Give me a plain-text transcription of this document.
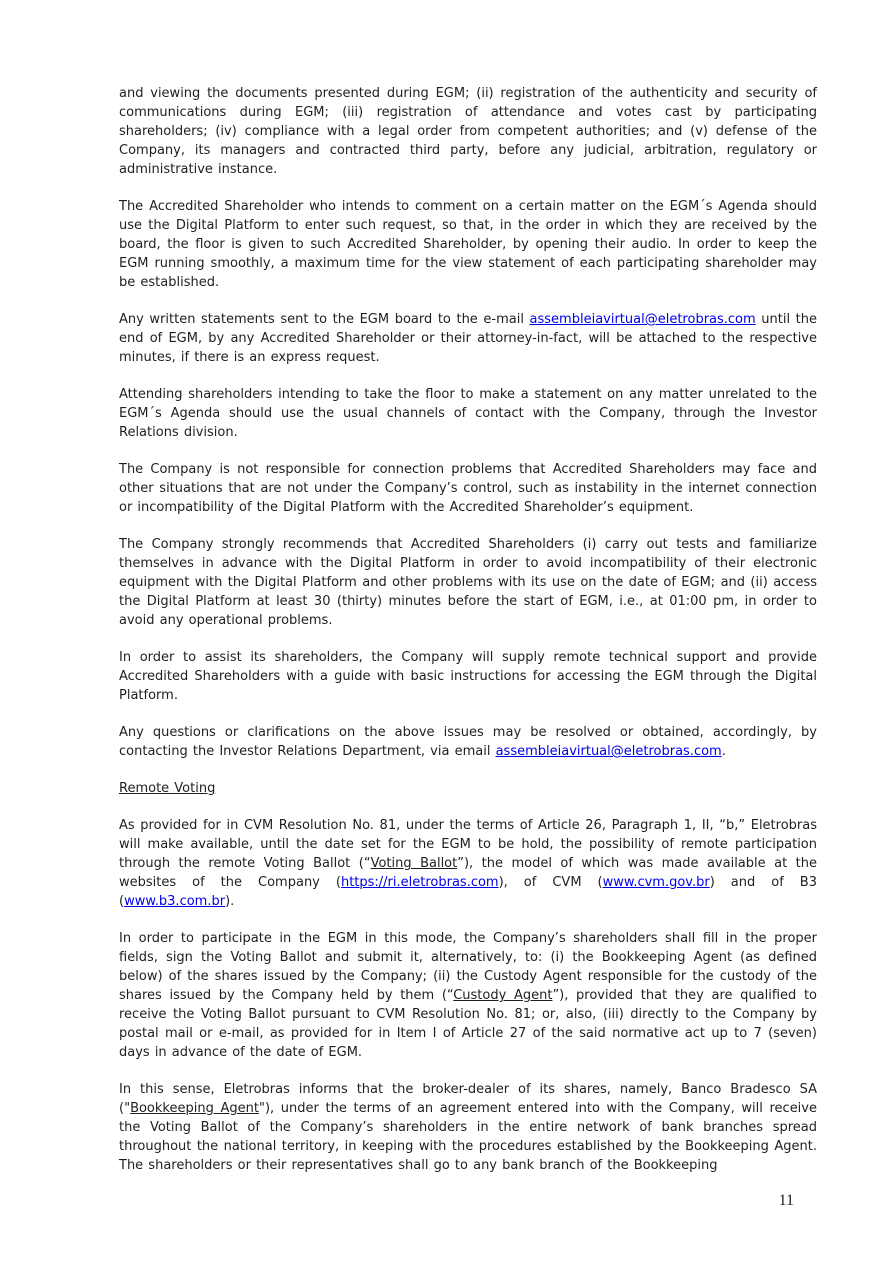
and viewing the documents presented during EGM; (ii) registration of the authenticity and security of communications during EGM; (iii) registration of attendance and votes cast by participating shareholders; (iv) compliance with a legal order from competent authorities; and (v) defense of the Company, its managers and contracted third party, before any judicial, arbitration, regulatory or administrative instance.

The Accredited Shareholder who intends to comment on a certain matter on the EGM´s Agenda should use the Digital Platform to enter such request, so that, in the order in which they are received by the board, the floor is given to such Accredited Shareholder, by opening their audio. In order to keep the EGM running smoothly, a maximum time for the view statement of each participating shareholder may be established.

Any written statements sent to the EGM board to the e-mail assembleiavirtual@eletrobras.com until the end of EGM, by any Accredited Shareholder or their attorney-in-fact, will be attached to the respective minutes, if there is an express request.

Attending shareholders intending to take the floor to make a statement on any matter unrelated to the EGM´s Agenda should use the usual channels of contact with the Company, through the Investor Relations division.

The Company is not responsible for connection problems that Accredited Shareholders may face and other situations that are not under the Company’s control, such as instability in the internet connection or incompatibility of the Digital Platform with the Accredited Shareholder’s equipment.

The Company strongly recommends that Accredited Shareholders (i) carry out tests and familiarize themselves in advance with the Digital Platform in order to avoid incompatibility of their electronic equipment with the Digital Platform and other problems with its use on the date of EGM; and (ii) access the Digital Platform at least 30 (thirty) minutes before the start of EGM, i.e., at 01:00 pm, in order to avoid any operational problems.

In order to assist its shareholders, the Company will supply remote technical support and provide Accredited Shareholders with a guide with basic instructions for accessing the EGM through the Digital Platform.

Any questions or clarifications on the above issues may be resolved or obtained, accordingly, by contacting the Investor Relations Department, via email assembleiavirtual@eletrobras.com.

Remote Voting

As provided for in CVM Resolution No. 81, under the terms of Article 26, Paragraph 1, II, “b,” Eletrobras will make available, until the date set for the EGM to be hold, the possibility of remote participation through the remote Voting Ballot (“Voting Ballot”), the model of which was made available at the websites of the Company (https://ri.eletrobras.com), of CVM (www.cvm.gov.br) and of B3 (www.b3.com.br).

In order to participate in the EGM in this mode, the Company’s shareholders shall fill in the proper fields, sign the Voting Ballot and submit it, alternatively, to: (i) the Bookkeeping Agent (as defined below) of the shares issued by the Company; (ii) the Custody Agent responsible for the custody of the shares issued by the Company held by them (“Custody Agent”), provided that they are qualified to receive the Voting Ballot pursuant to CVM Resolution No. 81; or, also, (iii) directly to the Company by postal mail or e-mail, as provided for in Item I of Article 27 of the said normative act up to 7 (seven) days in advance of the date of EGM.

In this sense, Eletrobras informs that the broker-dealer of its shares, namely, Banco Bradesco SA ("Bookkeeping Agent"), under the terms of an agreement entered into with the Company, will receive the Voting Ballot of the Company’s shareholders in the entire network of bank branches spread throughout the national territory, in keeping with the procedures established by the Bookkeeping Agent. The shareholders or their representatives shall go to any bank branch of the Bookkeeping

11
